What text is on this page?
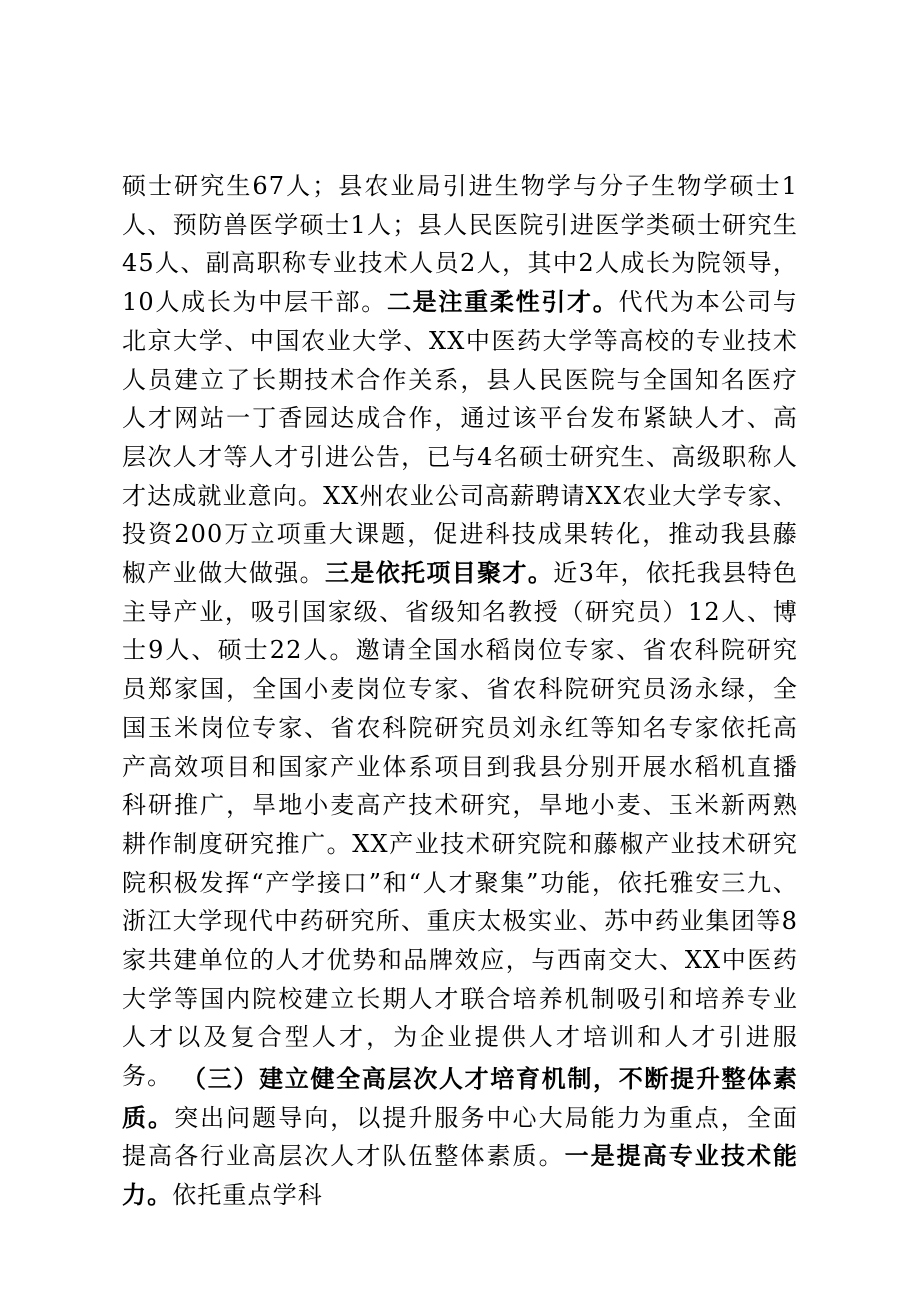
硕士研究生67人；县农业局引进生物学与分子生物学硕士1人、预防兽医学硕士1人；县人民医院引进医学类硕士研究生45人、副高职称专业技术人员2人，其中2人成长为院领导，10人成长为中层干部。二是注重柔性引才。代代为本公司与北京大学、中国农业大学、XX中医药大学等高校的专业技术人员建立了长期技术合作关系，县人民医院与全国知名医疗人才网站一丁香园达成合作，通过该平台发布紧缺人才、高层次人才等人才引进公告，已与4名硕士研究生、高级职称人才达成就业意向。XX州农业公司高薪聘请XX农业大学专家、投资200万立项重大课题，促进科技成果转化，推动我县藤椒产业做大做强。三是依托项目聚才。近3年，依托我县特色主导产业，吸引国家级、省级知名教授（研究员）12人、博士9人、硕士22人。邀请全国水稻岗位专家、省农科院研究员郑家国，全国小麦岗位专家、省农科院研究员汤永绿，全国玉米岗位专家、省农科院研究员刘永红等知名专家依托高产高效项目和国家产业体系项目到我县分别开展水稻机直播科研推广，旱地小麦高产技术研究，旱地小麦、玉米新两熟耕作制度研究推广。XX产业技术研究院和藤椒产业技术研究院积极发挥“产学接口”和“人才聚集”功能，依托雅安三九、浙江大学现代中药研究所、重庆太极实业、苏中药业集团等8家共建单位的人才优势和品牌效应，与西南交大、XX中医药大学等国内院校建立长期人才联合培养机制吸引和培养专业人才以及复合型人才，为企业提供人才培训和人才引进服务。 （三）建立健全高层次人才培育机制，不断提升整体素质。突出问题导向，以提升服务中心大局能力为重点，全面提高各行业高层次人才队伍整体素质。一是提高专业技术能力。依托重点学科
